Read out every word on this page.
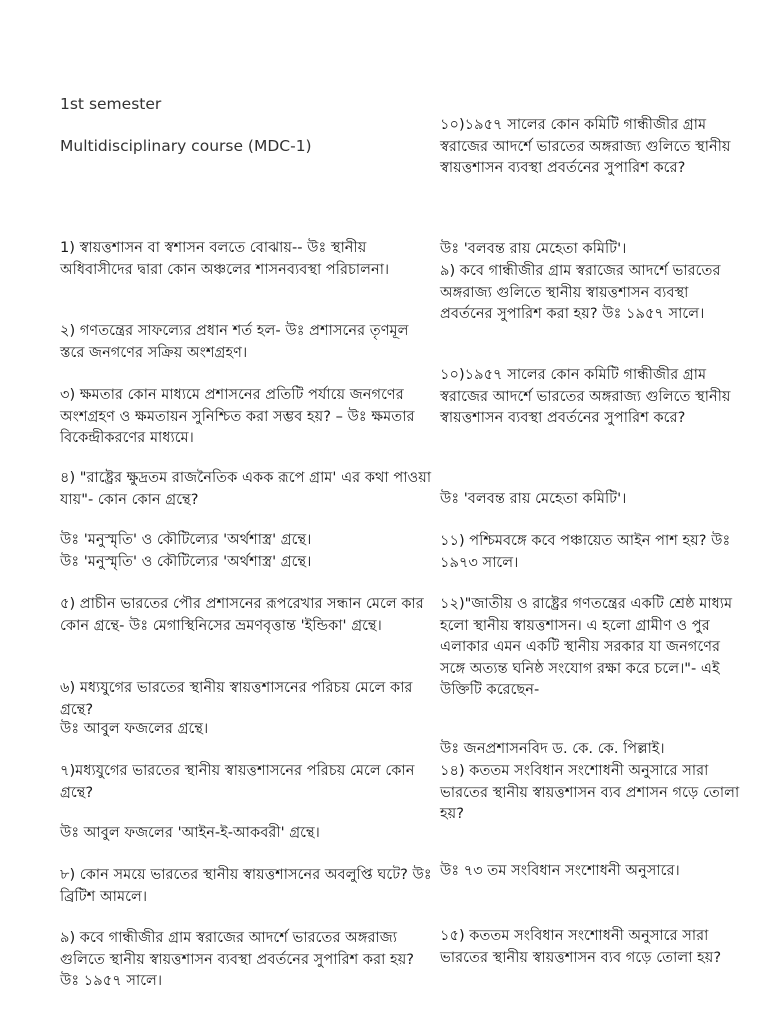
1st semester
Multidisciplinary course (MDC-1)

1) স্বায়ত্তশাসন বা স্বশাসন বলতে বোঝায়-- উঃ স্থানীয় অধিবাসীদের দ্বারা কোন অঞ্চলের শাসনব্যবস্থা পরিচালনা।

২) গণতন্ত্রের সাফল্যের প্রধান শর্ত হল- উঃ প্রশাসনের তৃণমূল স্তরে জনগণের সক্রিয় অংশগ্রহণ।

৩) ক্ষমতার কোন মাধ্যমে প্রশাসনের প্রতিটি পর্যায়ে জনগণের অংশগ্রহণ ও ক্ষমতায়ন সুনিশ্চিত করা সম্ভব হয়? – উঃ ক্ষমতার বিকেন্দ্রীকরণের মাধ্যমে।

৪) "রাষ্ট্রের ক্ষুদ্রতম রাজনৈতিক একক রূপে গ্রাম' এর কথা পাওয়া যায়"- কোন কোন গ্রন্থে?

উঃ 'মনুস্মৃতি' ও কৌটিল্যের 'অর্থশাস্ত্র' গ্রন্থে।

উঃ 'মনুস্মৃতি' ও কৌটিল্যের 'অর্থশাস্ত্র' গ্রন্থে।

৫) প্রাচীন ভারতের পৌর প্রশাসনের রূপরেখার সন্ধান মেলে কার কোন গ্রন্থে- উঃ মেগাস্থিনিসের ভ্রমণবৃত্তান্ত 'ইন্ডিকা' গ্রন্থে।

৬) মধ্যযুগের ভারতের স্থানীয় স্বায়ত্তশাসনের পরিচয় মেলে কার গ্রন্থে?

উঃ আবুল ফজলের গ্রন্থে।

৭)মধ্যযুগের ভারতের স্থানীয় স্বায়ত্তশাসনের পরিচয় মেলে কোন গ্রন্থে?

উঃ আবুল ফজলের 'আইন-ই-আকবরী' গ্রন্থে।

৮) কোন সময়ে ভারতের স্থানীয় স্বায়ত্তশাসনের অবলুপ্তি ঘটে? উঃ ব্রিটিশ আমলে।

৯) কবে গান্ধীজীর গ্রাম স্বরাজের আদর্শে ভারতের অঙ্গরাজ্য গুলিতে স্থানীয় স্বায়ত্তশাসন ব্যবস্থা প্রবর্তনের সুপারিশ করা হয়? উঃ ১৯৫৭ সালে।

১০)১৯৫৭ সালের কোন কমিটি গান্ধীজীর গ্রাম স্বরাজের আদর্শে ভারতের অঙ্গরাজ্য গুলিতে স্থানীয় স্বায়ত্তশাসন ব্যবস্থা প্রবর্তনের সুপারিশ করে?

উঃ 'বলবন্ত রায় মেহেতা কমিটি'।

৯) কবে গান্ধীজীর গ্রাম স্বরাজের আদর্শে ভারতের অঙ্গরাজ্য গুলিতে স্থানীয় স্বায়ত্তশাসন ব্যবস্থা প্রবর্তনের সুপারিশ করা হয়? উঃ ১৯৫৭ সালে।

১০)১৯৫৭ সালের কোন কমিটি গান্ধীজীর গ্রাম স্বরাজের আদর্শে ভারতের অঙ্গরাজ্য গুলিতে স্থানীয় স্বায়ত্তশাসন ব্যবস্থা প্রবর্তনের সুপারিশ করে?

উঃ 'বলবন্ত রায় মেহেতা কমিটি'।

১১) পশ্চিমবঙ্গে কবে পঞ্চায়েত আইন পাশ হয়? উঃ ১৯৭৩ সালে।

১২)"জাতীয় ও রাষ্ট্রের গণতন্ত্রের একটি শ্রেষ্ঠ মাধ্যম হলো স্থানীয় স্বায়ত্তশাসন। এ হলো গ্রামীণ ও পুর এলাকার এমন একটি স্থানীয় সরকার যা জনগণের সঙ্গে অত্যন্ত ঘনিষ্ঠ সংযোগ রক্ষা করে চলে।"- এই উক্তিটি করেছেন-

উঃ জনপ্রশাসনবিদ ড. কে. কে. পিল্লাই।

১৪) কততম সংবিধান সংশোধনী অনুসারে সারা ভারতের স্থানীয় স্বায়ত্তশাসন ব্যব প্রশাসন গড়ে তোলা হয়?

উঃ ৭৩ তম সংবিধান সংশোধনী অনুসারে।

১৫) কততম সংবিধান সংশোধনী অনুসারে সারা ভারতের স্থানীয় স্বায়ত্তশাসন ব্যব গড়ে তোলা হয়?
